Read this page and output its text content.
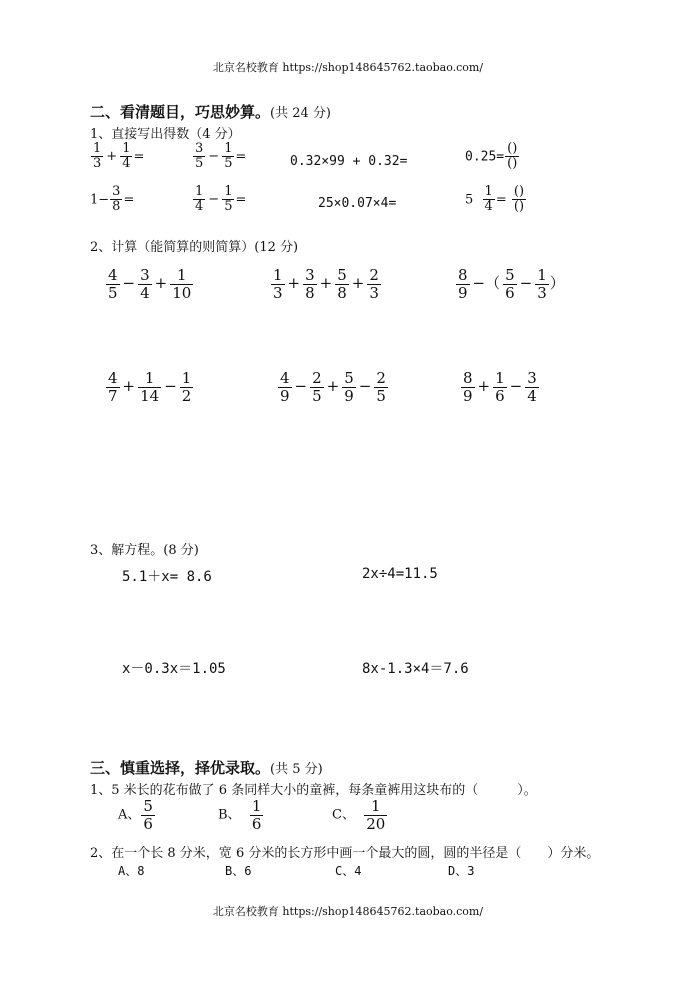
北京名校教育 https://shop148645762.taobao.com/
二、看清题目，巧思妙算。(共 24 分)
1、直接写出得数（4 分）
$\frac{1}{3} + \frac{1}{4}$ =	$\frac{3}{5} - \frac{1}{5}$ =	0.32×99 + 0.32=	$0.25= \frac{()}{()}$
$1- \frac{3}{8}$ =	$\frac{1}{4} - \frac{1}{5}$ =	25×0.07×4=	$5 \frac{1}{4} = \frac{()}{()}$
2、计算（能简算的则简算）(12 分)
$\frac{4}{5} - \frac{3}{4} + \frac{1}{10}$	$\frac{1}{3} + \frac{3}{8} + \frac{5}{8} + \frac{2}{3}$	$\frac{8}{9}$ −（ $\frac{5}{6} - \frac{1}{3}$ ）
$\frac{4}{7} + \frac{1}{14} - \frac{1}{2}$	$\frac{4}{9} - \frac{2}{5} + \frac{5}{9} - \frac{2}{5}$	$\frac{8}{9} + \frac{1}{6} - \frac{3}{4}$
3、解方程。(8 分)
5.1＋x= 8.6	2x÷4=11.5
x－0.3x＝1.05	8x-1.3×4＝7.6
三、慎重选择，择优录取。(共 5 分)
1、5 米长的花布做了 6 条同样大小的童裤，每条童裤用这块布的（　　　）。
A、 $\frac{5}{6}$	B、 $\frac{1}{6}$	C、 $\frac{1}{20}$
2、在一个长 8 分米，宽 6 分米的长方形中画一个最大的圆，圆的半径是（　　）分米。
A、8	B、6	C、4	D、3
北京名校教育 https://shop148645762.taobao.com/
